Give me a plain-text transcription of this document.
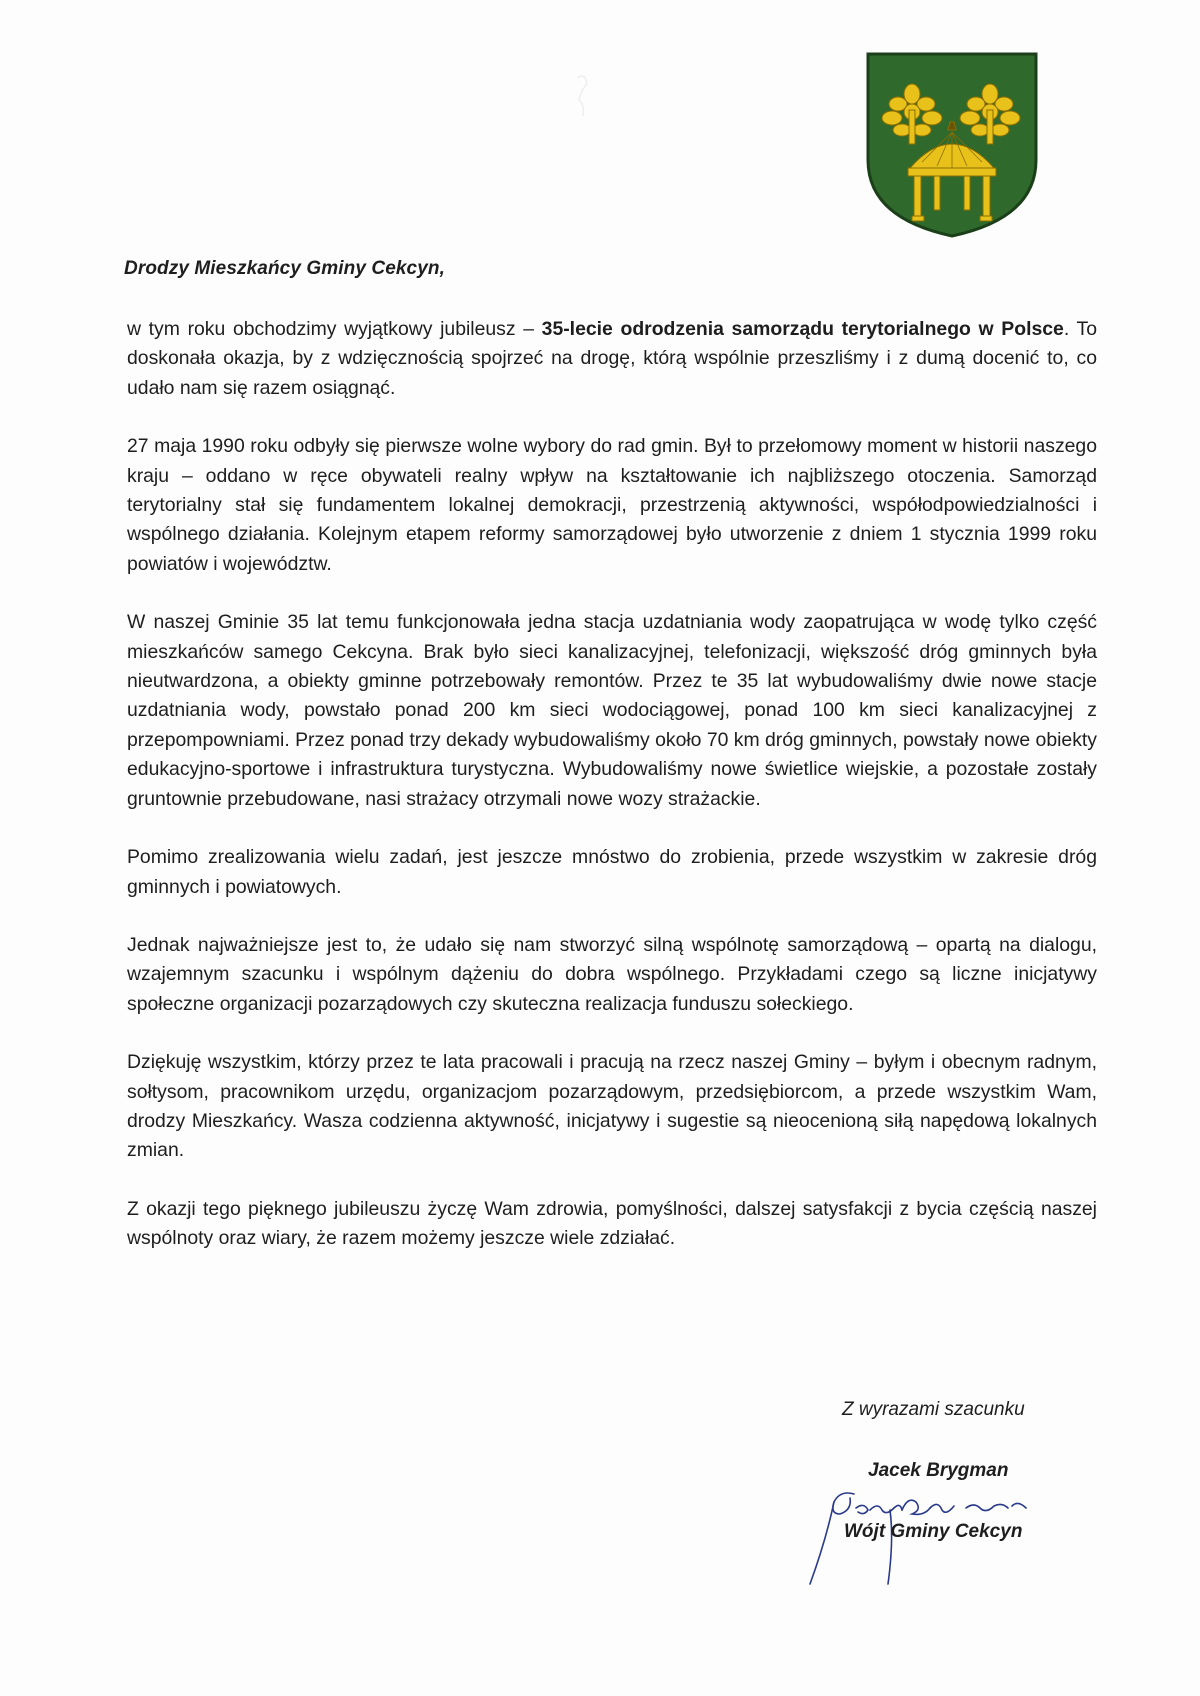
Drodzy Mieszkańcy Gminy Cekcyn,

w tym roku obchodzimy wyjątkowy jubileusz – 35-lecie odrodzenia samorządu terytorialnego w Polsce. To doskonała okazja, by z wdzięcznością spojrzeć na drogę, którą wspólnie przeszliśmy i z dumą docenić to, co udało nam się razem osiągnąć.

27 maja 1990 roku odbyły się pierwsze wolne wybory do rad gmin. Był to przełomowy moment w historii naszego kraju – oddano w ręce obywateli realny wpływ na kształtowanie ich najbliższego otoczenia. Samorząd terytorialny stał się fundamentem lokalnej demokracji, przestrzenią aktywności, współodpowiedzialności i wspólnego działania. Kolejnym etapem reformy samorządowej było utworzenie z dniem 1 stycznia 1999 roku powiatów i województw.

W naszej Gminie 35 lat temu funkcjonowała jedna stacja uzdatniania wody zaopatrująca w wodę tylko część mieszkańców samego Cekcyna. Brak było sieci kanalizacyjnej, telefonizacji, większość dróg gminnych była nieutwardzona, a obiekty gminne potrzebowały remontów. Przez te 35 lat wybudowaliśmy dwie nowe stacje uzdatniania wody, powstało ponad 200 km sieci wodociągowej, ponad 100 km sieci kanalizacyjnej z przepompowniami. Przez ponad trzy dekady wybudowaliśmy około 70 km dróg gminnych, powstały nowe obiekty edukacyjno-sportowe i infrastruktura turystyczna. Wybudowaliśmy nowe świetlice wiejskie, a pozostałe zostały gruntownie przebudowane, nasi strażacy otrzymali nowe wozy strażackie.

Pomimo zrealizowania wielu zadań, jest jeszcze mnóstwo do zrobienia, przede wszystkim w zakresie dróg gminnych i powiatowych.

Jednak najważniejsze jest to, że udało się nam stworzyć silną wspólnotę samorządową – opartą na dialogu, wzajemnym szacunku i wspólnym dążeniu do dobra wspólnego. Przykładami czego są liczne inicjatywy społeczne organizacji pozarządowych czy skuteczna realizacja funduszu sołeckiego.

Dziękuję wszystkim, którzy przez te lata pracowali i pracują na rzecz naszej Gminy – byłym i obecnym radnym, sołtysom, pracownikom urzędu, organizacjom pozarządowym, przedsiębiorcom, a przede wszystkim Wam, drodzy Mieszkańcy. Wasza codzienna aktywność, inicjatywy i sugestie są nieocenioną siłą napędową lokalnych zmian.

Z okazji tego pięknego jubileuszu życzę Wam zdrowia, pomyślności, dalszej satysfakcji z bycia częścią naszej wspólnoty oraz wiary, że razem możemy jeszcze wiele zdziałać.

Z wyrazami szacunku
Jacek Brygman
Wójt Gminy Cekcyn
